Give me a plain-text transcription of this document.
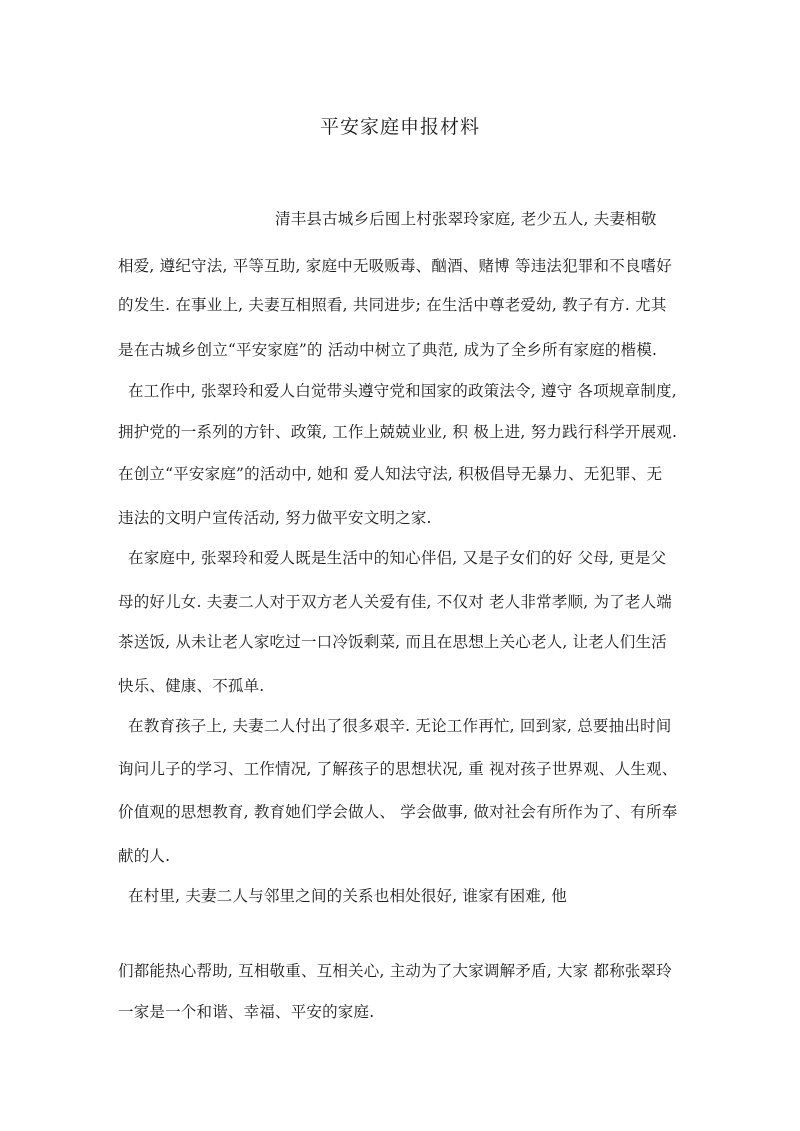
平安家庭申报材料
清丰县古城乡后囤上村张翠玲家庭, 老少五人, 夫妻相敬
相爱, 遵纪守法, 平等互助, 家庭中无吸贩毒、酗酒、赌博 等违法犯罪和不良嗜好
的发生. 在事业上, 夫妻互相照看, 共同进步; 在生活中尊老爱幼, 教子有方. 尤其
是在古城乡创立“平安家庭”的 活动中树立了典范, 成为了全乡所有家庭的楷模.
在工作中, 张翠玲和爱人白觉带头遵守党和国家的政策法令, 遵守 各项规章制度,
拥护党的一系列的方针、政策, 工作上兢兢业业, 积 极上进, 努力践行科学开展观.
在创立“平安家庭”的活动中, 她和 爱人知法守法, 积极倡导无暴力、无犯罪、无
违法的文明户宣传活动, 努力做平安文明之家.
在家庭中, 张翠玲和爱人既是生活中的知心伴侣, 又是子女们的好 父母, 更是父
母的好儿女. 夫妻二人对于双方老人关爱有佳, 不仅对 老人非常孝顺, 为了老人端
茶送饭, 从未让老人家吃过一口冷饭剩菜, 而且在思想上关心老人, 让老人们生活
快乐、健康、不孤单.
在教育孩子上, 夫妻二人付出了很多艰辛. 无论工作再忙, 回到家, 总要抽出时间
询问儿子的学习、工作情况, 了解孩子的思想状况, 重 视对孩子世界观、人生观、
价值观的思想教育, 教育她们学会做人、 学会做事, 做对社会有所作为了、有所奉
献的人.
在村里, 夫妻二人与邻里之间的关系也相处很好, 谁家有困难, 他
们都能热心帮助, 互相敬重、互相关心, 主动为了大家调解矛盾, 大家 都称张翠玲
一家是一个和谐、幸福、平安的家庭.
